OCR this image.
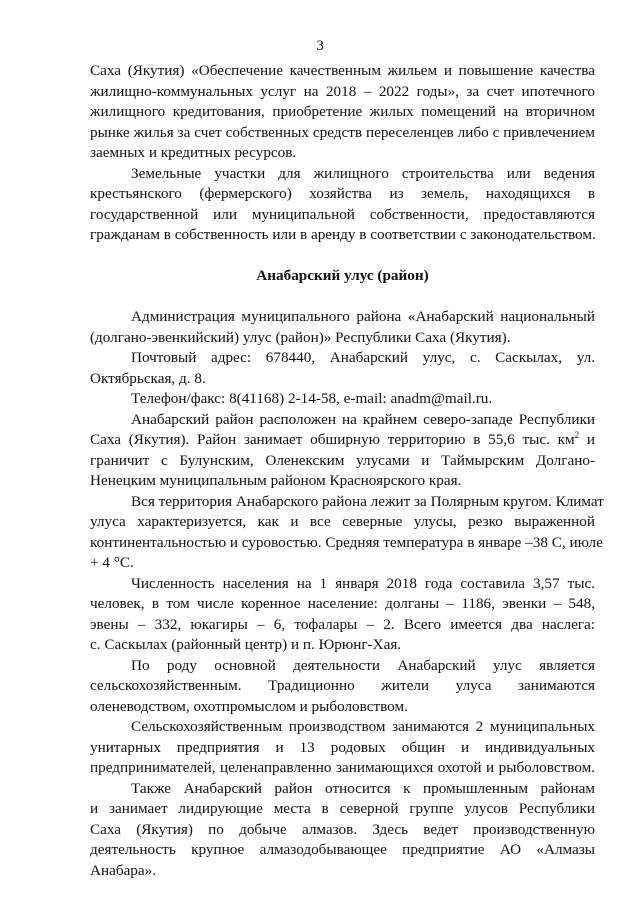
3
Саха (Якутия) «Обеспечение качественным жильем и повышение качества
жилищно-коммунальных услуг на 2018 – 2022 годы», за счет ипотечного
жилищного кредитования, приобретение жилых помещений на вторичном
рынке жилья за счет собственных средств переселенцев либо с привлечением
заемных и кредитных ресурсов.
Земельные участки для жилищного строительства или ведения
крестьянского (фермерского) хозяйства из земель, находящихся в
государственной или муниципальной собственности, предоставляются
гражданам в собственность или в аренду в соответствии с законодательством.
Анабарский улус (район)
Администрация муниципального района «Анабарский национальный
(долгано-эвенкийский) улус (район)» Республики Саха (Якутия).
Почтовый адрес: 678440, Анабарский улус, с. Саскылах, ул.
Октябрьская, д. 8.
Телефон/факс: 8(41168) 2-14-58, e-mail: anadm@mail.ru.
Анабарский район расположен на крайнем северо-западе Республики
Саха (Якутия). Район занимает обширную территорию в 55,6 тыс. $км^2$ и
граничит с Булунским, Оленекским улусами и Таймырским Долгано-
Ненецким муниципальным районом Красноярского края.
Вся территория Анабарского района лежит за Полярным кругом. Климат
улуса характеризуется, как и все северные улусы, резко выраженной
континентальностью и суровостью. Средняя температура в январе –38 С, июле
+ 4 °С.
Численность населения на 1 января 2018 года составила 3,57 тыс.
человек, в том числе коренное население: долганы – 1186, эвенки – 548,
эвены – 332, юкагиры – 6, тофалары – 2. Всего имеется два наслега:
с. Саскылах (районный центр) и п. Юрюнг-Хая.
По роду основной деятельности Анабарский улус является
сельскохозяйственным. Традиционно жители улуса занимаются
оленеводством, охотпромыслом и рыболовством.
Сельскохозяйственным производством занимаются 2 муниципальных
унитарных предприятия и 13 родовых общин и индивидуальных
предпринимателей, целенаправленно занимающихся охотой и рыболовством.
Также Анабарский район относится к промышленным районам
и занимает лидирующие места в северной группе улусов Республики
Саха (Якутия) по добыче алмазов. Здесь ведет производственную
деятельность крупное алмазодобывающее предприятие АО «Алмазы
Анабара».
